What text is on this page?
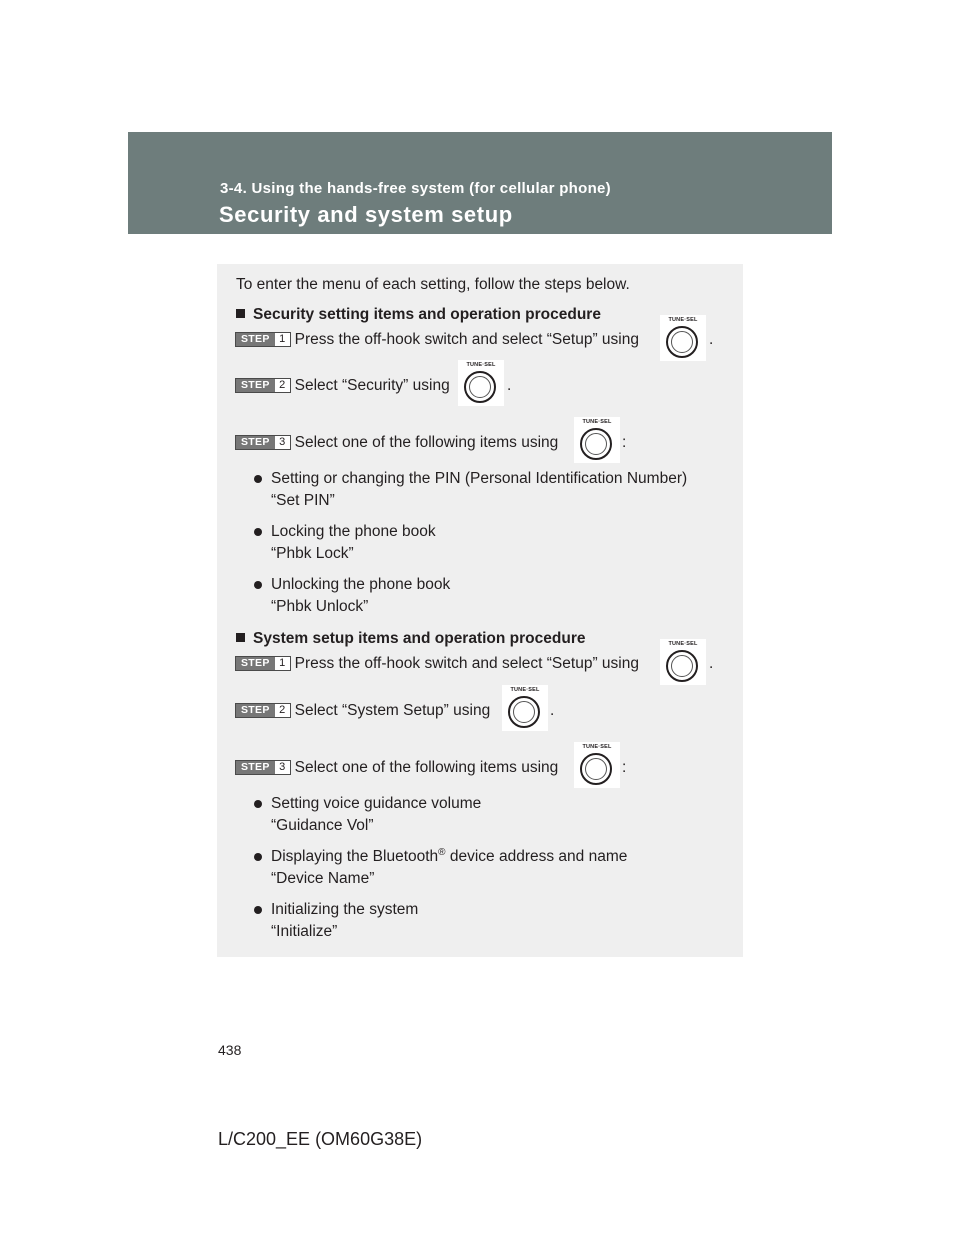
3-4. Using the hands-free system (for cellular phone)
Security and system setup
To enter the menu of each setting, follow the steps below.
Security setting items and operation procedure
STEP 1 Press the off-hook switch and select “Setup” using
TUNE·SEL
.
STEP 2 Select “Security” using
TUNE·SEL
.
STEP 3 Select one of the following items using
TUNE·SEL
:
Setting or changing the PIN (Personal Identification Number)
“Set PIN”
Locking the phone book
“Phbk Lock”
Unlocking the phone book
“Phbk Unlock”
System setup items and operation procedure
STEP 1 Press the off-hook switch and select “Setup” using
TUNE·SEL
.
STEP 2 Select “System Setup” using
TUNE·SEL
.
STEP 3 Select one of the following items using
TUNE·SEL
:
Setting voice guidance volume
“Guidance Vol”
Displaying the Bluetooth® device address and name
“Device Name”
Initializing the system
“Initialize”
438
L/C200_EE (OM60G38E)
